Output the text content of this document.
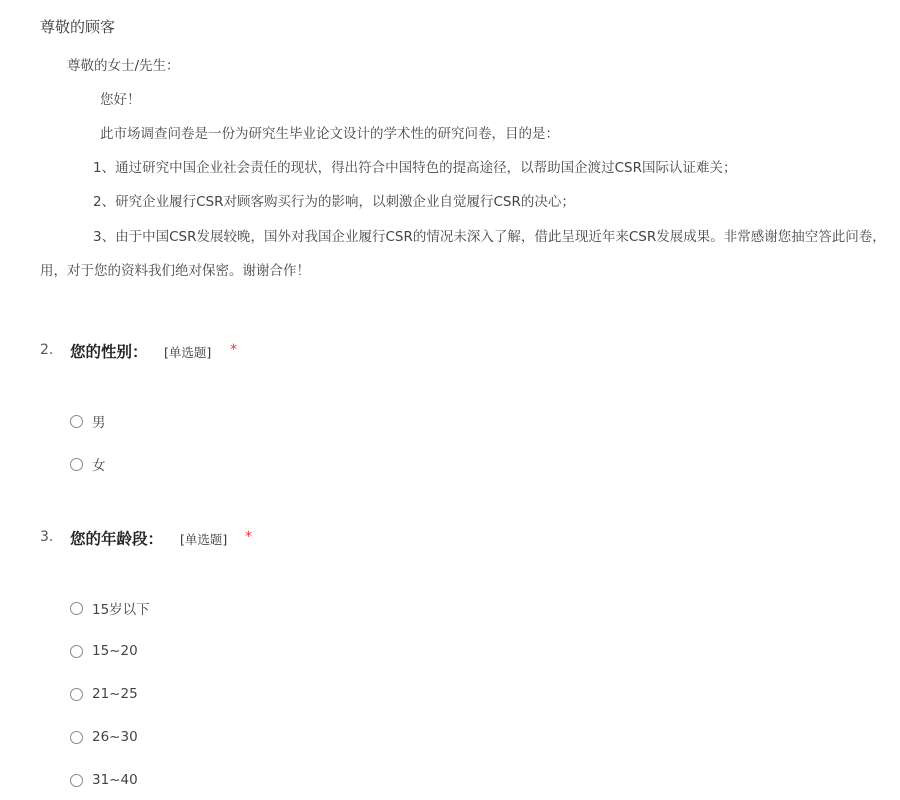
尊敬的顾客
尊敬的女士/先生：
您好！
此市场调查问卷是一份为研究生毕业论文设计的学术性的研究问卷，目的是：
1、通过研究中国企业社会责任的现状，得出符合中国特色的提高途径，以帮助国企渡过CSR国际认证难关；
2、研究企业履行CSR对顾客购买行为的影响，以刺激企业自觉履行CSR的决心；
3、由于中国CSR发展较晚，国外对我国企业履行CSR的情况未深入了解，借此呈现近年来CSR发展成果。非常感谢您抽空答此问卷，
用，对于您的资料我们绝对保密。谢谢合作！
2. 您的性别： [单选题] *
男
女
3. 您的年龄段： [单选题] *
15岁以下
15~20
21~25
26~30
31~40
